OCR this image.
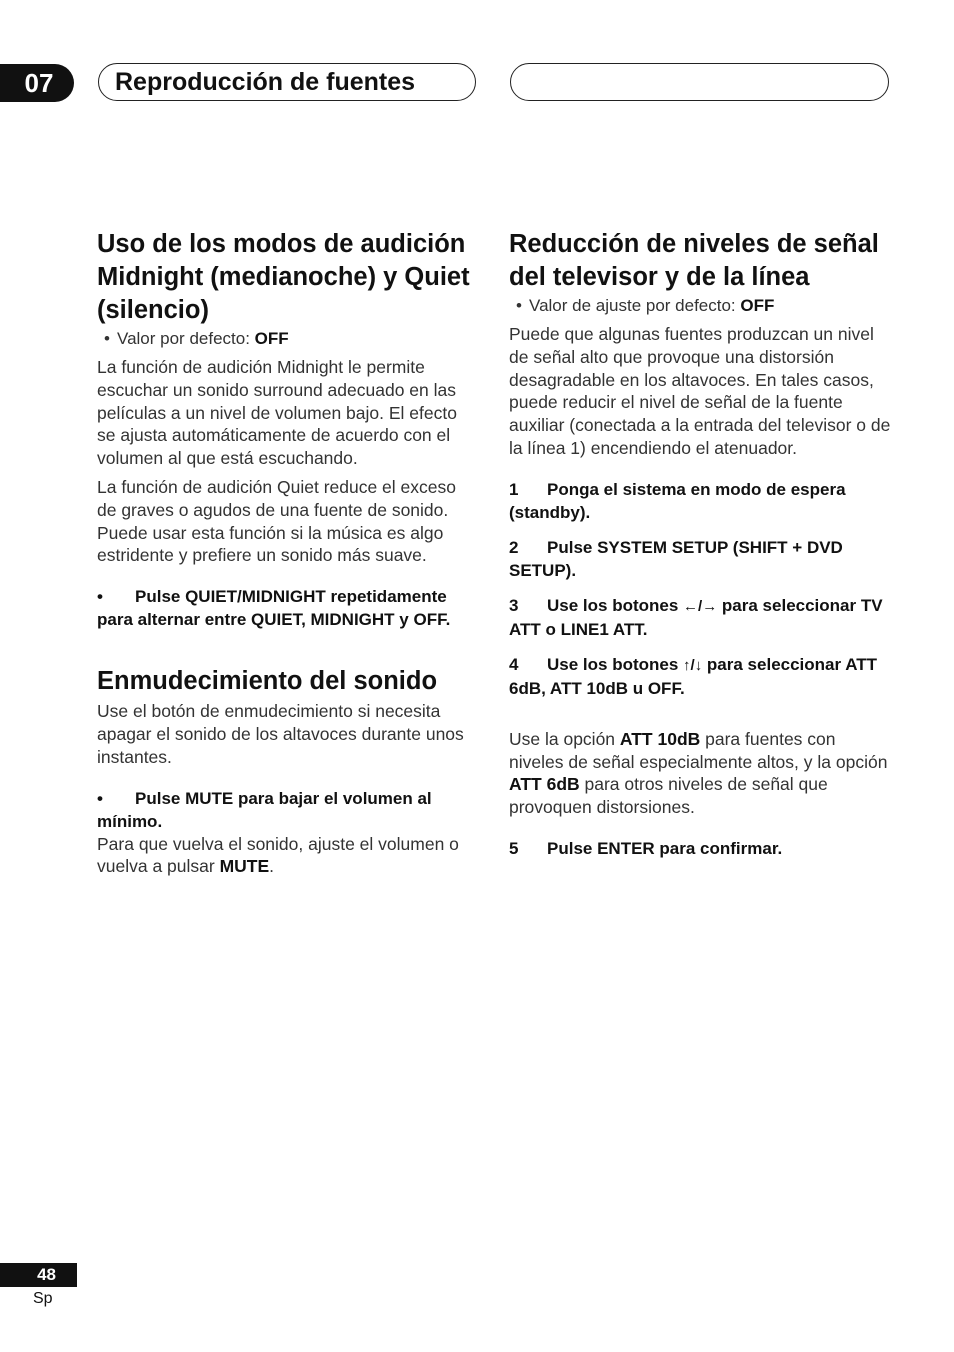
07	Reproducción de fuentes
Uso de los modos de audición Midnight (medianoche) y Quiet (silencio)
• Valor por defecto: OFF

La función de audición Midnight le permite escuchar un sonido surround adecuado en las películas a un nivel de volumen bajo. El efecto se ajusta automáticamente de acuerdo con el volumen al que está escuchando.

La función de audición Quiet reduce el exceso de graves o agudos de una fuente de sonido. Puede usar esta función si la música es algo estridente y prefiere un sonido más suave.

• Pulse QUIET/MIDNIGHT repetidamente para alternar entre QUIET, MIDNIGHT y OFF.

Enmudecimiento del sonido

Use el botón de enmudecimiento si necesita apagar el sonido de los altavoces durante unos instantes.

• Pulse MUTE para bajar el volumen al mínimo.

Para que vuelva el sonido, ajuste el volumen o vuelva a pulsar MUTE.

Reducción de niveles de señal del televisor y de la línea
• Valor de ajuste por defecto: OFF

Puede que algunas fuentes produzcan un nivel de señal alto que provoque una distorsión desagradable en los altavoces. En tales casos, puede reducir el nivel de señal de la fuente auxiliar (conectada a la entrada del televisor o de la línea 1) encendiendo el atenuador.

1 Ponga el sistema en modo de espera (standby).

2 Pulse SYSTEM SETUP (SHIFT + DVD SETUP).

3 Use los botones ←/→ para seleccionar TV ATT o LINE1 ATT.

4 Use los botones ↑/↓ para seleccionar ATT 6dB, ATT 10dB u OFF.

Use la opción ATT 10dB para fuentes con niveles de señal especialmente altos, y la opción ATT 6dB para otros niveles de señal que provoquen distorsiones.

5 Pulse ENTER para confirmar.

48
Sp
